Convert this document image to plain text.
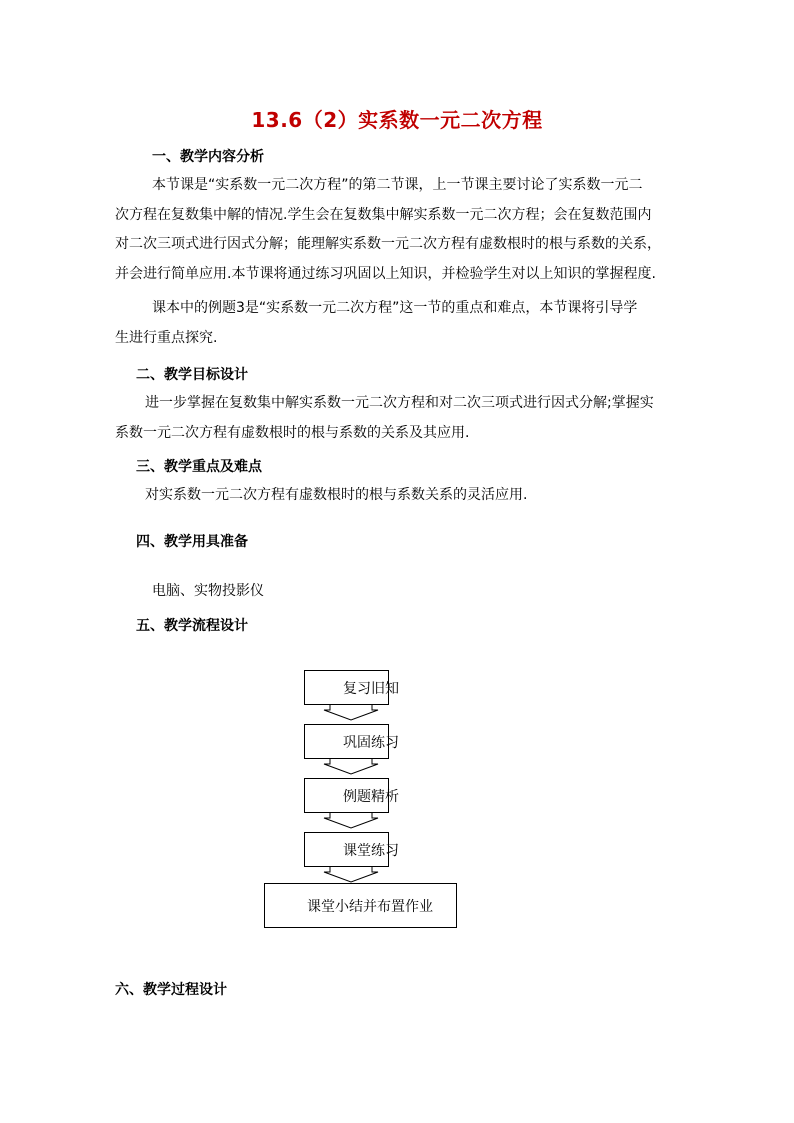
13.6（2）实系数一元二次方程
一、教学内容分析
本节课是“实系数一元二次方程”的第二节课，上一节课主要讨论了实系数一元二
次方程在复数集中解的情况.学生会在复数集中解实系数一元二次方程；会在复数范围内
对二次三项式进行因式分解；能理解实系数一元二次方程有虚数根时的根与系数的关系，
并会进行简单应用.本节课将通过练习巩固以上知识，并检验学生对以上知识的掌握程度.
课本中的例题3是“实系数一元二次方程”这一节的重点和难点，本节课将引导学
生进行重点探究.
二、教学目标设计
进一步掌握在复数集中解实系数一元二次方程和对二次三项式进行因式分解;掌握实
系数一元二次方程有虚数根时的根与系数的关系及其应用.
三、教学重点及难点
对实系数一元二次方程有虚数根时的根与系数关系的灵活应用.
四、教学用具准备
电脑、实物投影仪
五、教学流程设计
复习旧知
巩固练习
例题精析
课堂练习
课堂小结并布置作业
六、教学过程设计
